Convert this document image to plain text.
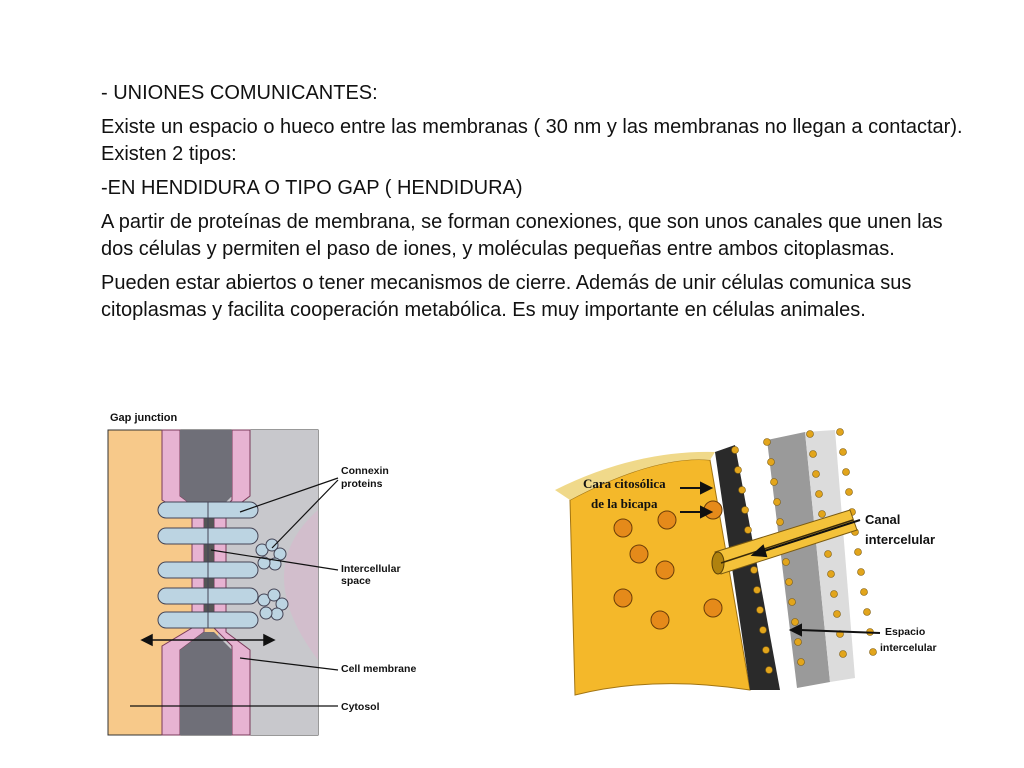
- UNIONES COMUNICANTES:

Existe un espacio o hueco entre las membranas ( 30 nm y las membranas no llegan a contactar). Existen 2 tipos:

-EN HENDIDURA O TIPO GAP ( HENDIDURA)

A partir de proteínas de membrana, se forman conexiones, que son unos canales que unen las dos células y permiten el paso de iones, y moléculas pequeñas entre ambos citoplasmas.

Pueden estar abiertos o tener mecanismos de cierre. Además de unir células comunica sus citoplasmas y facilita cooperación metabólica. Es muy importante en células animales.

Gap junction
Connexin
proteins
Intercellular
space
Cell membrane
Cytosol
Cara citosólica
de la bicapa
Canal
intercelular
Espacio
intercelular
